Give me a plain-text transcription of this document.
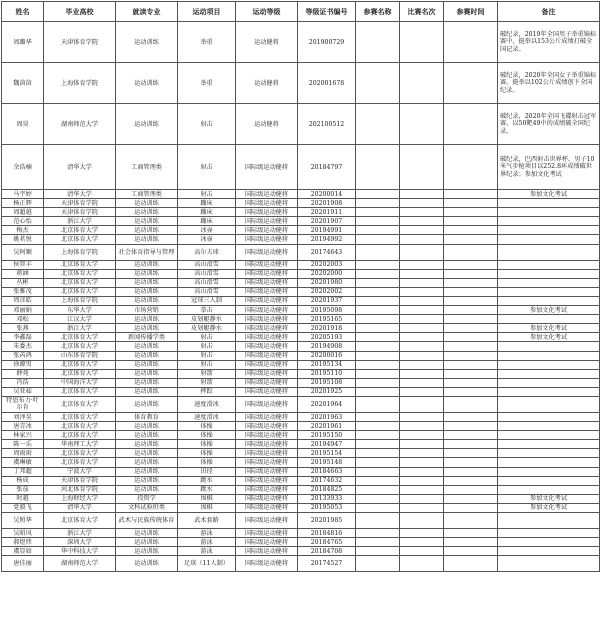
姓名	毕业高校	就读专业	运动项目	运动等级	等级证书编号	参赛名称	比赛名次	参赛时间	备注
周璐华	天津体育学院	运动训练	举重	运动健将	201900729				破纪录，2019年全国男子举重锦标赛中，挺举以153公斤成绩打破全国记录。
魏茵茵	上海体育学院	运动训练	举重	运动健将	202001678				破纪录，2020年全国女子举重锦标赛，挺举以102公斤成绩创下全国纪录。
周昊	湖南师范大学	运动训练	射击	运动健将	202100512				破纪录，2020年全国飞碟射击冠军赛，以50靶49中的成绩破全国纪录。
余浩楠	清华大学	工商管理类	射击	国际级运动健将	20184797				破纪录，巴西射击世界杯，男子10米气步枪项目以252.8环成绩破世界纪录；参加文化考试
马宇婷	清华大学	工商管理类	射击	国际级运动健将	20200014				参加文化考试
杨正辉	天津体育学院	运动训练	蹦床	国际级运动健将	20201908				
周超越	天津体育学院	运动训练	蹦床	国际级运动健将	20201911				
范心怡	浙江大学	运动训练	蹦床	国际级运动健将	20201907				
梅杰	北京体育大学	运动训练	冰壶	国际级运动健将	20194991				
姚茗悦	北京体育大学	运动训练	冰壶	国际级运动健将	20194992				
吴阿顺	上海体育学院	社会体育指导与管理	高尔夫球	国际级运动健将	20174643				
侯智丰	北京体育大学	运动训练	高山滑雪	国际级运动健将	20202003				
蒋涵	北京体育大学	运动训练	高山滑雪	国际级运动健将	20202000				
丛彬	北京体育大学	运动训练	高山滑雪	国际级运动健将	20201980				
张雅茂	北京体育大学	运动训练	高山滑雪	国际级运动健将	20202002				
周彦皓	上海体育学院	运动训练	冠球三人制	国际级运动健将	20201937				
邓丽娟	东华大学	市场营销	拳击	国际级运动健将	20195098				参加文化考试
邓松	江汉大学	运动训练	皮划艇静水	国际级运动健将	20195165				
张燕	浙江大学	运动训练	皮划艇静水	国际级运动健将	20201918				参加文化考试
李鑫磊	北京体育大学	新闻传播学类	射击	国际级运动健将	20205193				参加文化考试
朱委杰	北京体育大学	运动训练	射击	国际级运动健将	20194908				
张芮鸿	山东体育学院	运动训练	射击	国际级运动健将	20200016				
徐源男	北京体育大学	运动训练	射击	国际级运动健将	20195134				
薛苑	北京体育大学	运动训练	射箭	国际级运动健将	20195110				
冯浩	中国海洋大学	运动训练	射箭	国际级运动健将	20195108				
吴亚茹	北京体育大学	运动训练	摔跤	国际级运动健将	20201925				
特恩布力·叶尔肯	北京体育大学	运动训练	速度滑冰	国际级运动健将	20201964				
刘泽昊	北京体育大学	体育教育	速度滑冰	国际级运动健将	20201963				
唐青冰	北京体育大学	运动训练	体操	国际级运动健将	20201961				
林家兴	北京体育大学	运动训练	体操	国际级运动健将	20195150				
陈一乐	华南理工大学	运动训练	体操	国际级运动健将	20194947				
周雨雨	北京体育大学	运动训练	体操	国际级运动健将	20195154				
虞琳敏	北京体育大学	运动训练	体操	国际级运动健将	20195148				
丁邦超	宁波大学	运动训练	田径	国际级运动健将	20184663				
杨成	天津体育学院	运动训练	跳水	国际级运动健将	20174632				
张茄	河北体育学院	运动训练	跳水	国际级运动健将	20184825				
时越	上海财经大学	投资学	围棋	国际级运动健将	20133933				参加文化考试
党毅飞	清华大学	文科试验班类	围棋	国际级运动健将	20195053				参加文化考试
吴照华	北京体育大学	武术与民族传统体育	武术套路	国际级运动健将	20201985				
吴昭风	浙江大学	运动训练	游泳	国际级运动健将	20184816				
郝煜炜	深圳大学	运动训练	游泳	国际级运动健将	20184765				
虞显如	华中科技大学	运动训练	游泳	国际级运动健将	20184708				
唐佳丽	湖南师范大学	运动训练	足球（11人制）	国际级运动健将	20174527				
